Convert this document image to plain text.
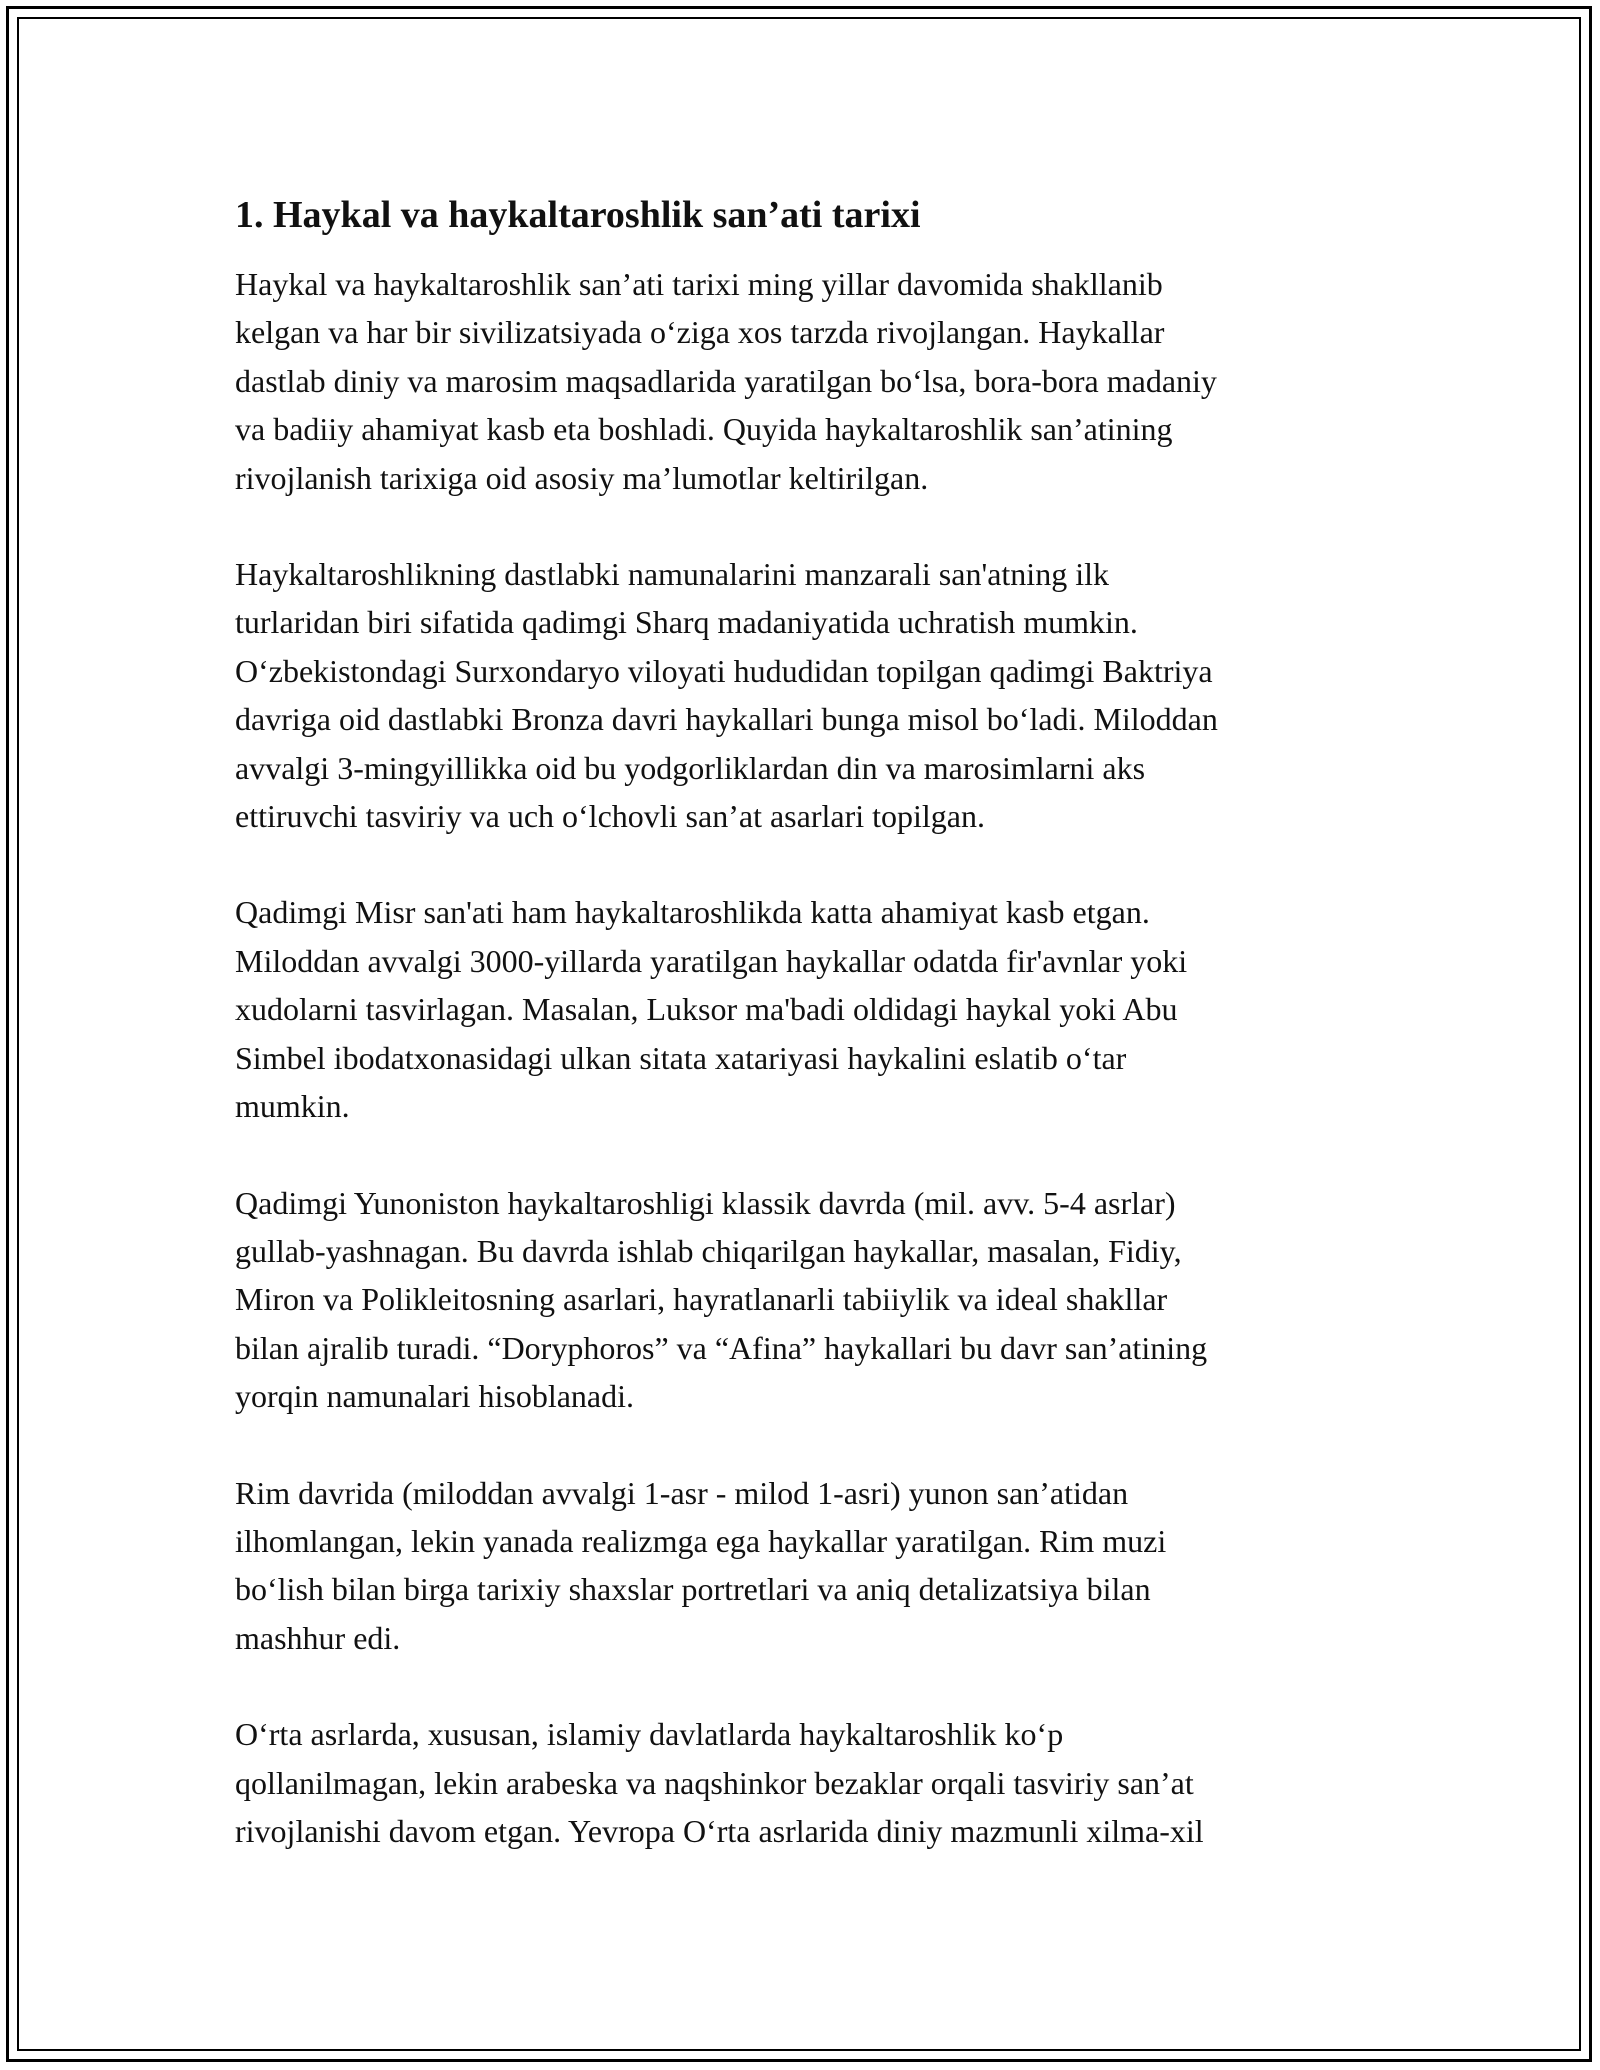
1. Haykal va haykaltaroshlik san’ati tarixi
Haykal va haykaltaroshlik san’ati tarixi ming yillar davomida shakllanib
kelgan va har bir sivilizatsiyada o‘ziga xos tarzda rivojlangan. Haykallar
dastlab diniy va marosim maqsadlarida yaratilgan bo‘lsa, bora-bora madaniy
va badiiy ahamiyat kasb eta boshladi. Quyida haykaltaroshlik san’atining
rivojlanish tarixiga oid asosiy ma’lumotlar keltirilgan.
Haykaltaroshlikning dastlabki namunalarini manzarali san'atning ilk
turlaridan biri sifatida qadimgi Sharq madaniyatida uchratish mumkin.
O‘zbekistondagi Surxondaryo viloyati hududidan topilgan qadimgi Baktriya
davriga oid dastlabki Bronza davri haykallari bunga misol bo‘ladi. Miloddan
avvalgi 3-mingyillikka oid bu yodgorliklardan din va marosimlarni aks
ettiruvchi tasviriy va uch o‘lchovli san’at asarlari topilgan.
Qadimgi Misr san'ati ham haykaltaroshlikda katta ahamiyat kasb etgan.
Miloddan avvalgi 3000-yillarda yaratilgan haykallar odatda fir'avnlar yoki
xudolarni tasvirlagan. Masalan, Luksor ma'badi oldidagi haykal yoki Abu
Simbel ibodatxonasidagi ulkan sitata xatariyasi haykalini eslatib o‘tar
mumkin.
Qadimgi Yunoniston haykaltaroshligi klassik davrda (mil. avv. 5-4 asrlar)
gullab-yashnagan. Bu davrda ishlab chiqarilgan haykallar, masalan, Fidiy,
Miron va Polikleitosning asarlari, hayratlanarli tabiiylik va ideal shakllar
bilan ajralib turadi. “Doryphoros” va “Afina” haykallari bu davr san’atining
yorqin namunalari hisoblanadi.
Rim davrida (miloddan avvalgi 1-asr - milod 1-asri) yunon san’atidan
ilhomlangan, lekin yanada realizmga ega haykallar yaratilgan. Rim muzi
bo‘lish bilan birga tarixiy shaxslar portretlari va aniq detalizatsiya bilan
mashhur edi.
O‘rta asrlarda, xususan, islamiy davlatlarda haykaltaroshlik ko‘p
qollanilmagan, lekin arabeska va naqshinkor bezaklar orqali tasviriy san’at
rivojlanishi davom etgan. Yevropa O‘rta asrlarida diniy mazmunli xilma-xil
